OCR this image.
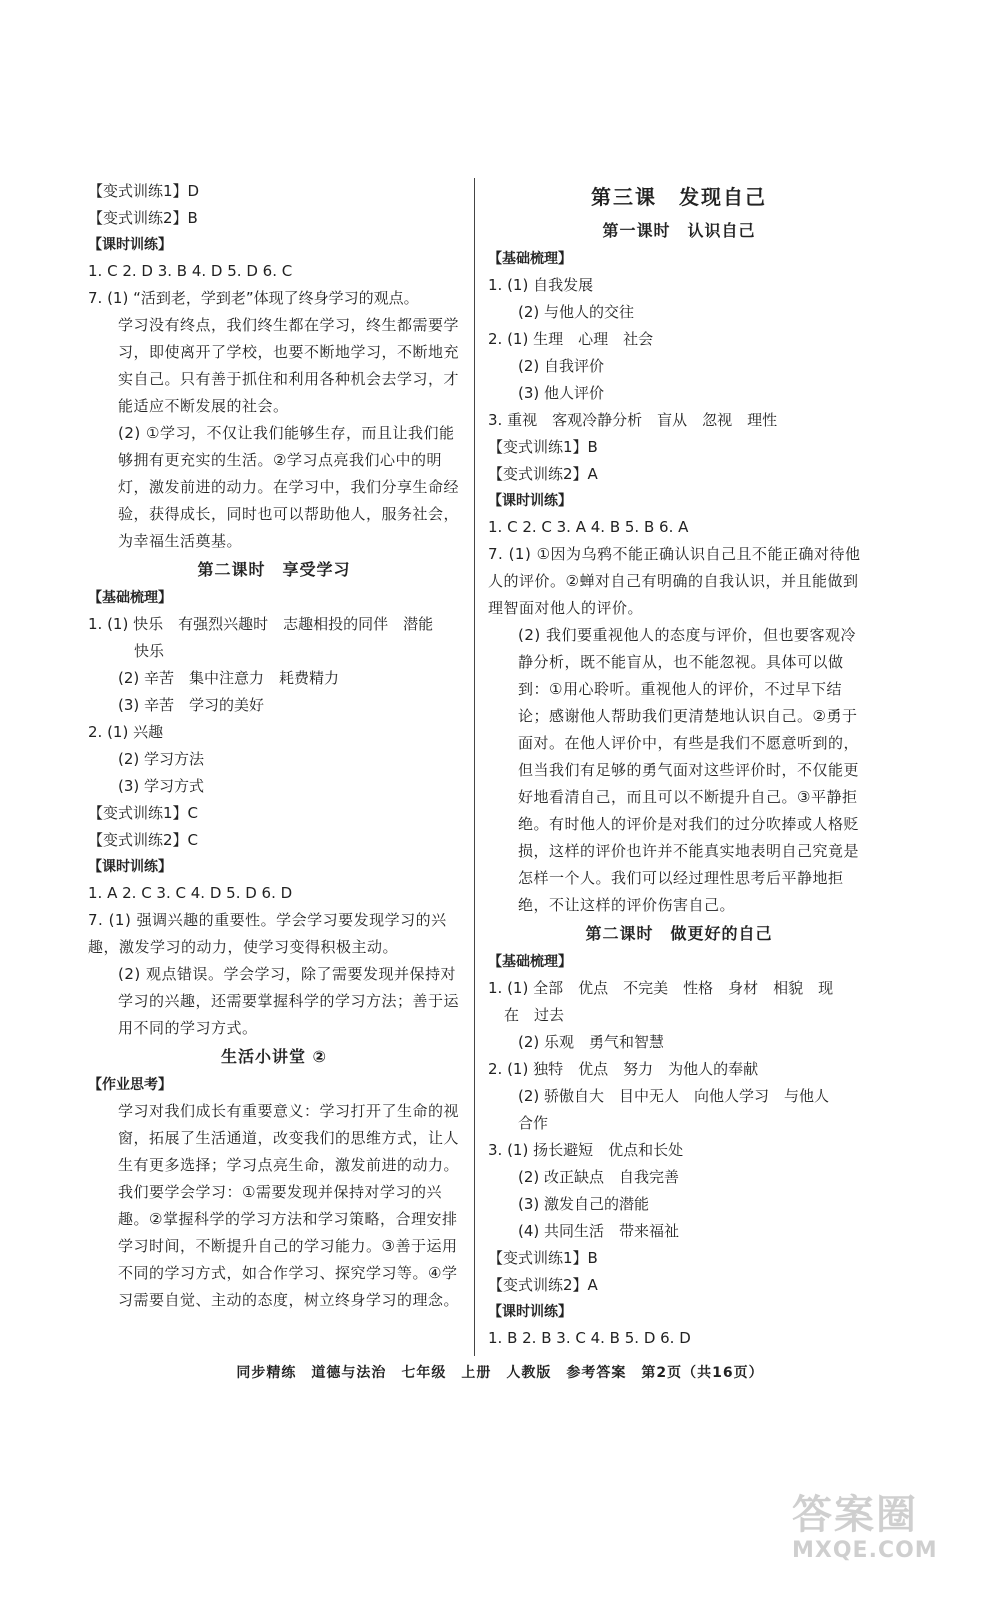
【变式训练1】D
【变式训练2】B
【课时训练】
1. C 2. D 3. B 4. D 5. D 6. C
7. (1) “活到老，学到老”体现了终身学习的观点。
学习没有终点，我们终生都在学习，终生都需要学习，即使离开了学校，也要不断地学习，不断地充实自己。只有善于抓住和利用各种机会去学习，才能适应不断发展的社会。
(2) ①学习，不仅让我们能够生存，而且让我们能够拥有更充实的生活。②学习点亮我们心中的明灯，激发前进的动力。在学习中，我们分享生命经验，获得成长，同时也可以帮助他人，服务社会，为幸福生活奠基。
第二课时　享受学习
【基础梳理】
1. (1) 快乐　有强烈兴趣时　志趣相投的同伴　潜能
快乐
(2) 辛苦　集中注意力　耗费精力
(3) 辛苦　学习的美好
2. (1) 兴趣
(2) 学习方法
(3) 学习方式
【变式训练1】C
【变式训练2】C
【课时训练】
1. A 2. C 3. C 4. D 5. D 6. D
7. (1) 强调兴趣的重要性。学会学习要发现学习的兴趣，激发学习的动力，使学习变得积极主动。
(2) 观点错误。学会学习，除了需要发现并保持对学习的兴趣，还需要掌握科学的学习方法；善于运用不同的学习方式。
生活小讲堂 ②
【作业思考】
学习对我们成长有重要意义：学习打开了生命的视窗，拓展了生活通道，改变我们的思维方式，让人生有更多选择；学习点亮生命，激发前进的动力。我们要学会学习：①需要发现并保持对学习的兴趣。②掌握科学的学习方法和学习策略，合理安排学习时间，不断提升自己的学习能力。③善于运用不同的学习方式，如合作学习、探究学习等。④学习需要自觉、主动的态度，树立终身学习的理念。
第三课　发现自己
第一课时　认识自己
【基础梳理】
1. (1) 自我发展
(2) 与他人的交往
2. (1) 生理　心理　社会
(2) 自我评价
(3) 他人评价
3. 重视　客观冷静分析　盲从　忽视　理性
【变式训练1】B
【变式训练2】A
【课时训练】
1. C 2. C 3. A 4. B 5. B 6. A
7. (1) ①因为乌鸦不能正确认识自己且不能正确对待他人的评价。②蝉对自己有明确的自我认识，并且能做到理智面对他人的评价。
(2) 我们要重视他人的态度与评价，但也要客观冷静分析，既不能盲从，也不能忽视。具体可以做到：①用心聆听。重视他人的评价，不过早下结论；感谢他人帮助我们更清楚地认识自己。②勇于面对。在他人评价中，有些是我们不愿意听到的，但当我们有足够的勇气面对这些评价时，不仅能更好地看清自己，而且可以不断提升自己。③平静拒绝。有时他人的评价是对我们的过分吹捧或人格贬损，这样的评价也许并不能真实地表明自己究竟是怎样一个人。我们可以经过理性思考后平静地拒绝，不让这样的评价伤害自己。
第二课时　做更好的自己
【基础梳理】
1. (1) 全部　优点　不完美　性格　身材　相貌　现
在　过去
(2) 乐观　勇气和智慧
2. (1) 独特　优点　努力　为他人的奉献
(2) 骄傲自大　目中无人　向他人学习　与他人
合作
3. (1) 扬长避短　优点和长处
(2) 改正缺点　自我完善
(3) 激发自己的潜能
(4) 共同生活　带来福祉
【变式训练1】B
【变式训练2】A
【课时训练】
1. B 2. B 3. C 4. B 5. D 6. D
同步精练　道德与法治　七年级　上册　人教版　参考答案　第2页（共16页）
答案圈
MXQE.COM
